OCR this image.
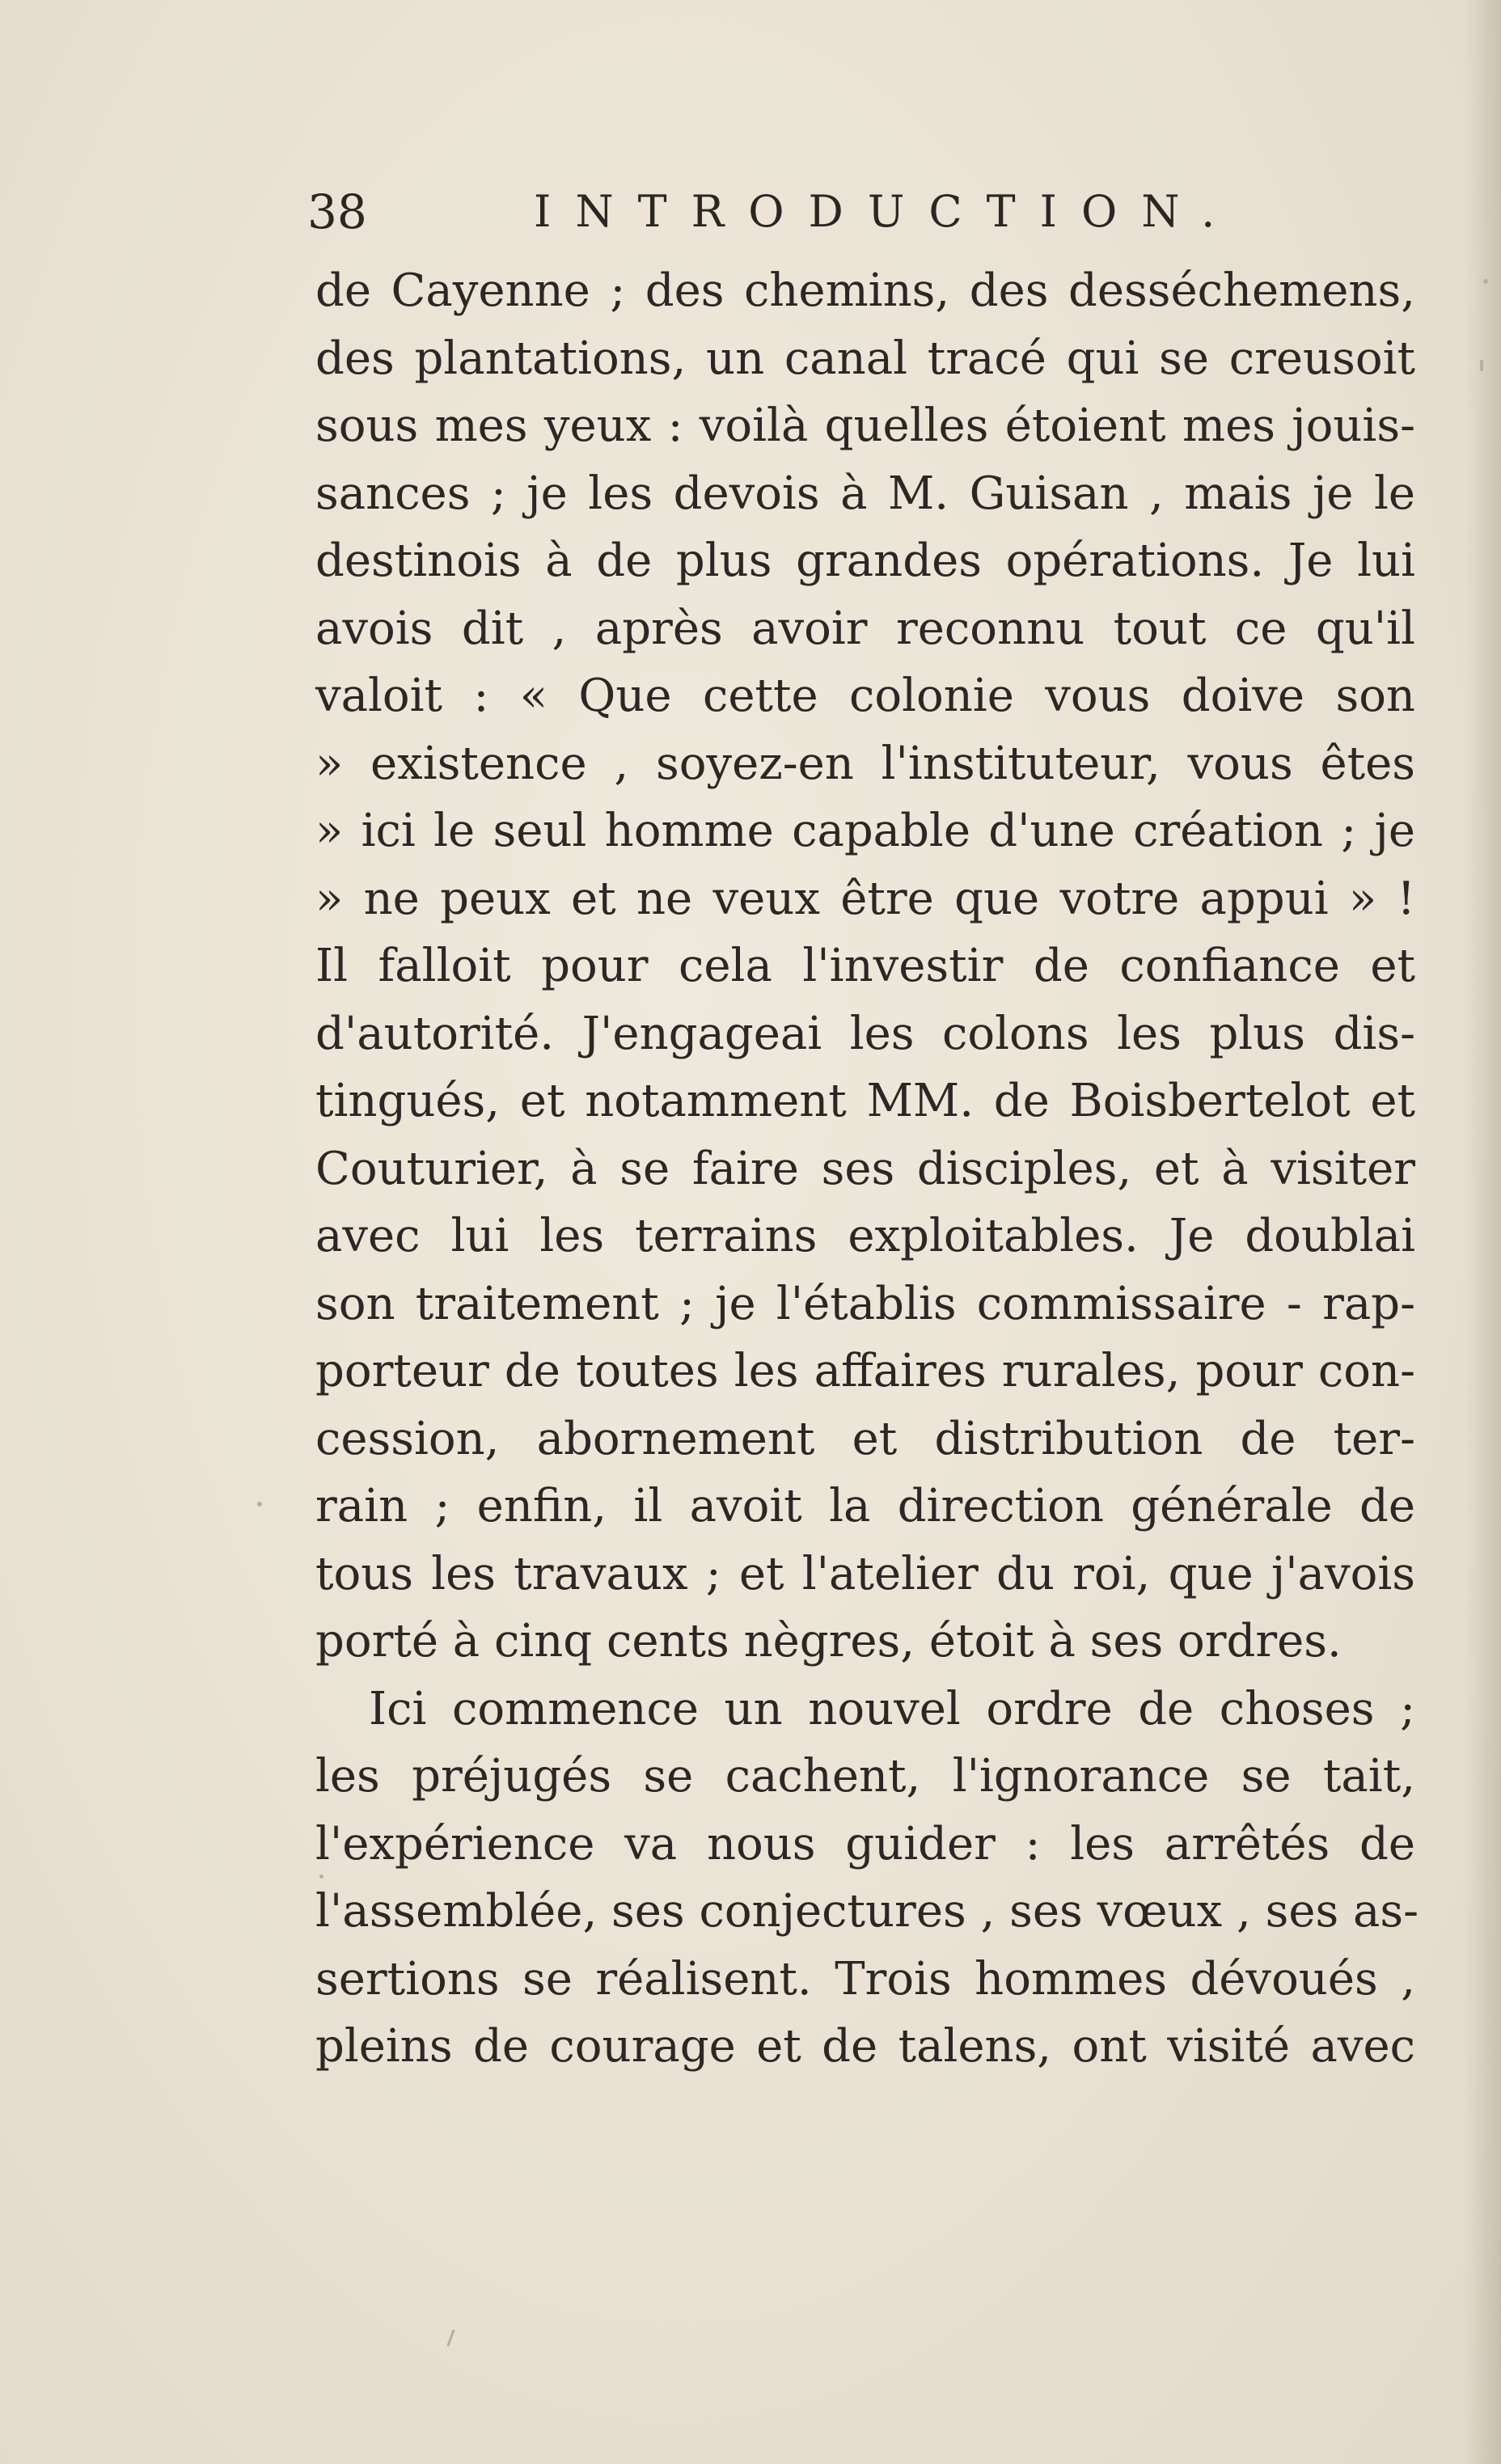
38	INTRODUCTION.
de Cayenne ; des chemins, des desséchemens,
des plantations, un canal tracé qui se creusoit
sous mes yeux : voilà quelles étoient mes jouis-
sances ; je les devois à M. Guisan , mais je le
destinois à de plus grandes opérations. Je lui
avois dit , après avoir reconnu tout ce qu'il
valoit : « Que cette colonie vous doive son
» existence , soyez-en l'instituteur, vous êtes
» ici le seul homme capable d'une création ; je
» ne peux et ne veux être que votre appui » !
Il falloit pour cela l'investir de confiance et
d'autorité. J'engageai les colons les plus dis-
tingués, et notamment MM. de Boisbertelot et
Couturier, à se faire ses disciples, et à visiter
avec lui les terrains exploitables. Je doublai
son traitement ; je l'établis commissaire - rap-
porteur de toutes les affaires rurales, pour con-
cession, abornement et distribution de ter-
rain ; enfin, il avoit la direction générale de
tous les travaux ; et l'atelier du roi, que j'avois
porté à cinq cents nègres, étoit à ses ordres.
Ici commence un nouvel ordre de choses ;
les préjugés se cachent, l'ignorance se tait,
l'expérience va nous guider : les arrêtés de
l'assemblée, ses conjectures , ses vœux , ses as-
sertions se réalisent. Trois hommes dévoués ,
pleins de courage et de talens, ont visité avec
